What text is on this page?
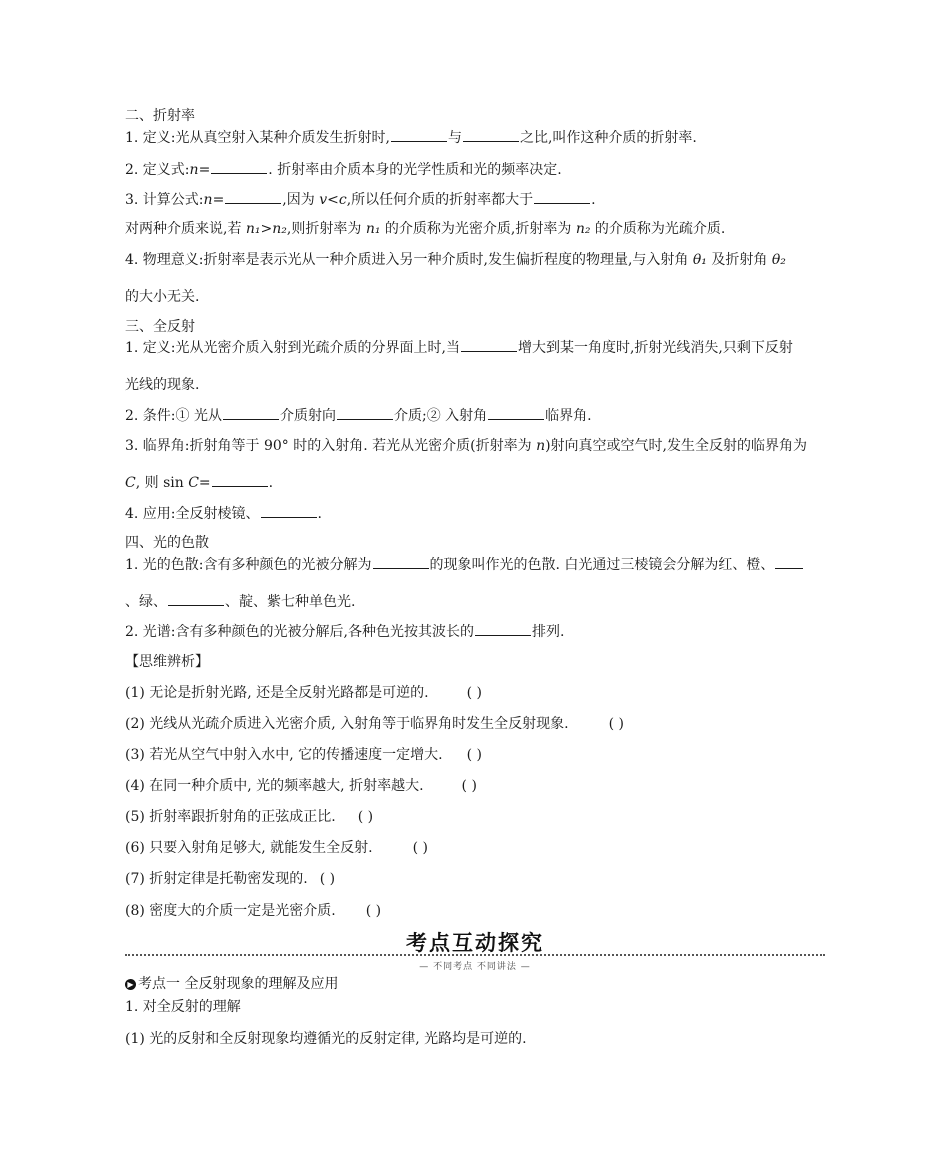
二、折射率
1. 定义:光从真空射入某种介质发生折射时,	与	之比,叫作这种介质的折射率.
2. 定义式:n=	. 折射率由介质本身的光学性质和光的频率决定.
3. 计算公式:n=	,因为 v<c,所以任何介质的折射率都大于	.
对两种介质来说,若 n₁>n₂,则折射率为 n₁ 的介质称为光密介质,折射率为 n₂ 的介质称为光疏介质.
4. 物理意义:折射率是表示光从一种介质进入另一种介质时,发生偏折程度的物理量,与入射角 θ₁ 及折射角 θ₂
的大小无关.
三、全反射
1. 定义:光从光密介质入射到光疏介质的分界面上时,当	增大到某一角度时,折射光线消失,只剩下反射
光线的现象.
2. 条件:① 光从	介质射向	介质;② 入射角	临界角.
3. 临界角:折射角等于 90° 时的入射角. 若光从光密介质(折射率为 n)射向真空或空气时,发生全反射的临界角为
C, 则 sin C=	.
4. 应用:全反射棱镜、	.
四、光的色散
1. 光的色散:含有多种颜色的光被分解为	的现象叫作光的色散. 白光通过三棱镜会分解为红、橙、
、绿、	、靛、紫七种单色光.
2. 光谱:含有多种颜色的光被分解后,各种色光按其波长的	排列.
【思维辨析】
(1) 无论是折射光路, 还是全反射光路都是可逆的.	( )
(2) 光线从光疏介质进入光密介质, 入射角等于临界角时发生全反射现象.	( )
(3) 若光从空气中射入水中, 它的传播速度一定增大. ( )
(4) 在同一种介质中, 光的频率越大, 折射率越大.	( )
(5) 折射率跟折射角的正弦成正比. ( )
(6) 只要入射角足够大, 就能发生全反射.	( )
(7) 折射定律是托勒密发现的. ( )
(8) 密度大的介质一定是光密介质. ( )
考点互动探究
— 不同考点 不同讲法 —
▶ 考点一 全反射现象的理解及应用
1. 对全反射的理解
(1) 光的反射和全反射现象均遵循光的反射定律, 光路均是可逆的.
